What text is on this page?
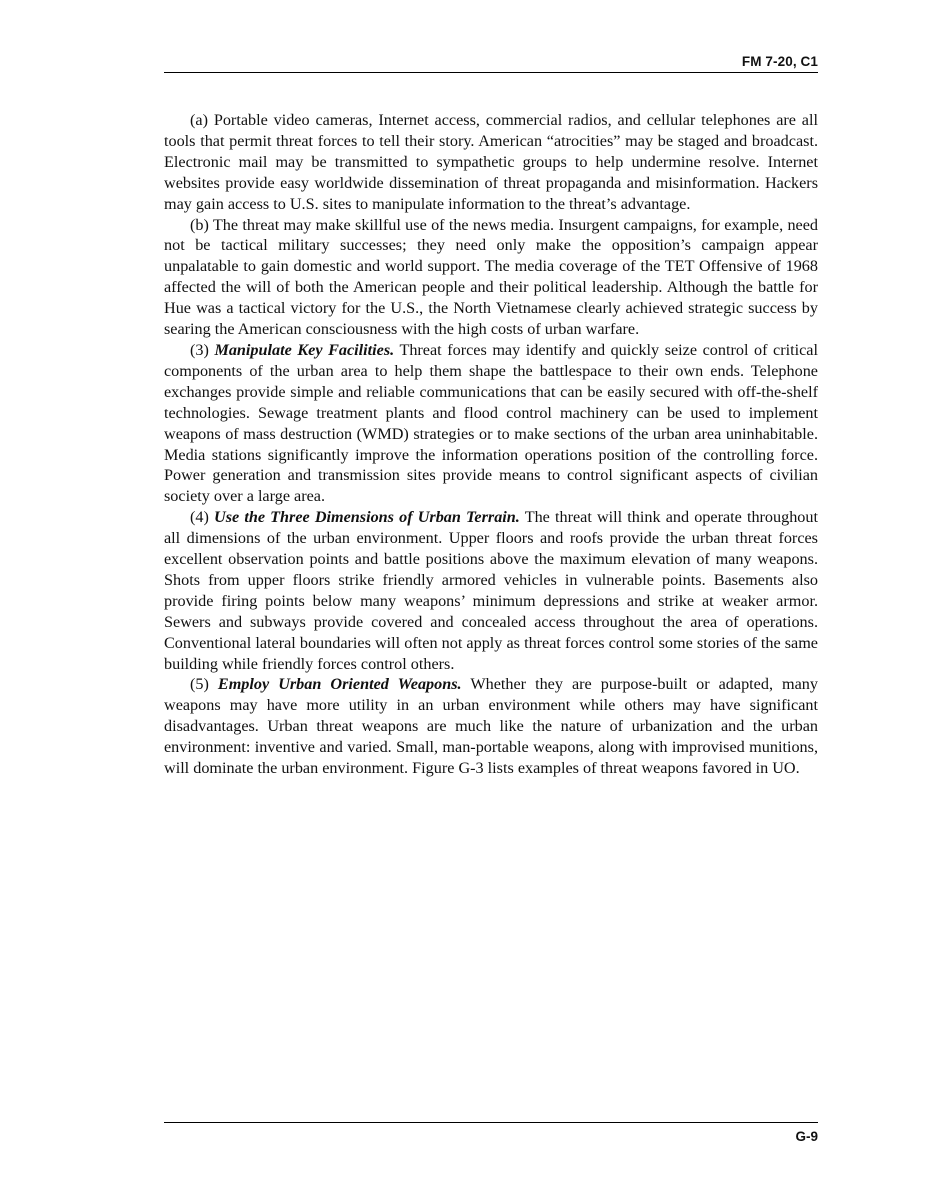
FM 7-20, C1

(a) Portable video cameras, Internet access, commercial radios, and cellular telephones are all tools that permit threat forces to tell their story. American “atrocities” may be staged and broadcast. Electronic mail may be transmitted to sympathetic groups to help undermine resolve. Internet websites provide easy worldwide dissemination of threat propaganda and misinformation. Hackers may gain access to U.S. sites to manipulate information to the threat’s advantage.

(b) The threat may make skillful use of the news media. Insurgent campaigns, for example, need not be tactical military successes; they need only make the opposition’s campaign appear unpalatable to gain domestic and world support. The media coverage of the TET Offensive of 1968 affected the will of both the American people and their political leadership. Although the battle for Hue was a tactical victory for the U.S., the North Vietnamese clearly achieved strategic success by searing the American consciousness with the high costs of urban warfare.

(3) Manipulate Key Facilities. Threat forces may identify and quickly seize control of critical components of the urban area to help them shape the battlespace to their own ends. Telephone exchanges provide simple and reliable communications that can be easily secured with off-the-shelf technologies. Sewage treatment plants and flood control machinery can be used to implement weapons of mass destruction (WMD) strategies or to make sections of the urban area uninhabitable. Media stations significantly improve the information operations position of the controlling force. Power generation and transmission sites provide means to control significant aspects of civilian society over a large area.

(4) Use the Three Dimensions of Urban Terrain. The threat will think and operate throughout all dimensions of the urban environment. Upper floors and roofs provide the urban threat forces excellent observation points and battle positions above the maximum elevation of many weapons. Shots from upper floors strike friendly armored vehicles in vulnerable points. Basements also provide firing points below many weapons’ minimum depressions and strike at weaker armor. Sewers and subways provide covered and concealed access throughout the area of operations. Conventional lateral boundaries will often not apply as threat forces control some stories of the same building while friendly forces control others.

(5) Employ Urban Oriented Weapons. Whether they are purpose-built or adapted, many weapons may have more utility in an urban environment while others may have significant disadvantages. Urban threat weapons are much like the nature of urbanization and the urban environment: inventive and varied. Small, man-portable weapons, along with improvised munitions, will dominate the urban environment. Figure G-3 lists examples of threat weapons favored in UO.

G-9
